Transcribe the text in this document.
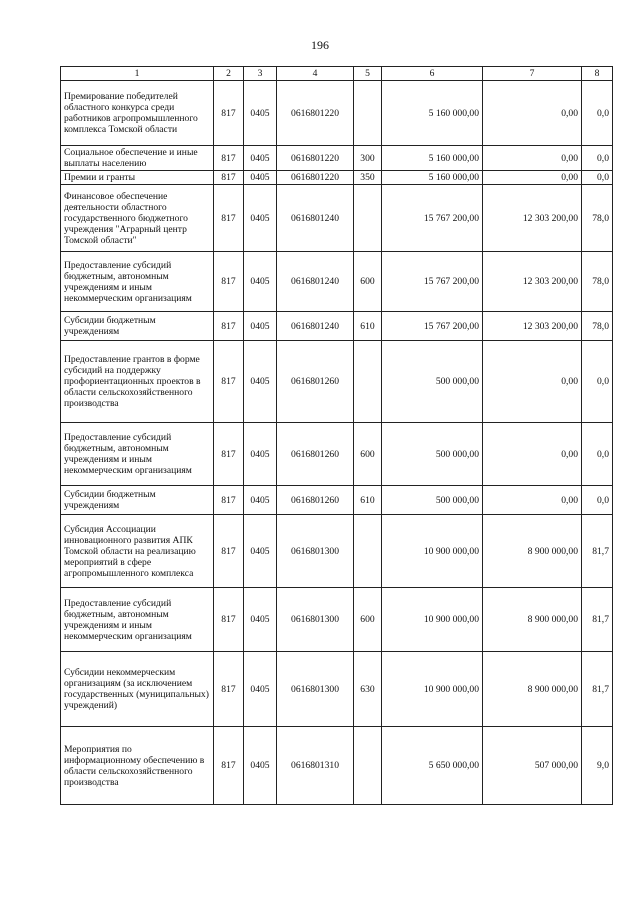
196
1	2	3	4	5	6	7	8
Премирование победителей областного конкурса среди работников агропромышленного комплекса Томской области	817	0405	0616801220		5 160 000,00	0,00	0,0
Социальное обеспечение и иные выплаты населению	817	0405	0616801220	300	5 160 000,00	0,00	0,0
Премии и гранты	817	0405	0616801220	350	5 160 000,00	0,00	0,0
Финансовое обеспечение деятельности областного государственного бюджетного учреждения "Аграрный центр Томской области"	817	0405	0616801240		15 767 200,00	12 303 200,00	78,0
Предоставление субсидий бюджетным, автономным учреждениям и иным некоммерческим организациям	817	0405	0616801240	600	15 767 200,00	12 303 200,00	78,0
Субсидии бюджетным учреждениям	817	0405	0616801240	610	15 767 200,00	12 303 200,00	78,0
Предоставление грантов в форме субсидий на поддержку профориентационных проектов в области сельскохозяйственного производства	817	0405	0616801260		500 000,00	0,00	0,0
Предоставление субсидий бюджетным, автономным учреждениям и иным некоммерческим организациям	817	0405	0616801260	600	500 000,00	0,00	0,0
Субсидии бюджетным учреждениям	817	0405	0616801260	610	500 000,00	0,00	0,0
Субсидия Ассоциации инновационного развития АПК Томской области на реализацию мероприятий в сфере агропромышленного комплекса	817	0405	0616801300		10 900 000,00	8 900 000,00	81,7
Предоставление субсидий бюджетным, автономным учреждениям и иным некоммерческим организациям	817	0405	0616801300	600	10 900 000,00	8 900 000,00	81,7
Субсидии некоммерческим организациям (за исключением государственных (муниципальных) учреждений)	817	0405	0616801300	630	10 900 000,00	8 900 000,00	81,7
Мероприятия по информационному обеспечению в области сельскохозяйственного производства	817	0405	0616801310		5 650 000,00	507 000,00	9,0
